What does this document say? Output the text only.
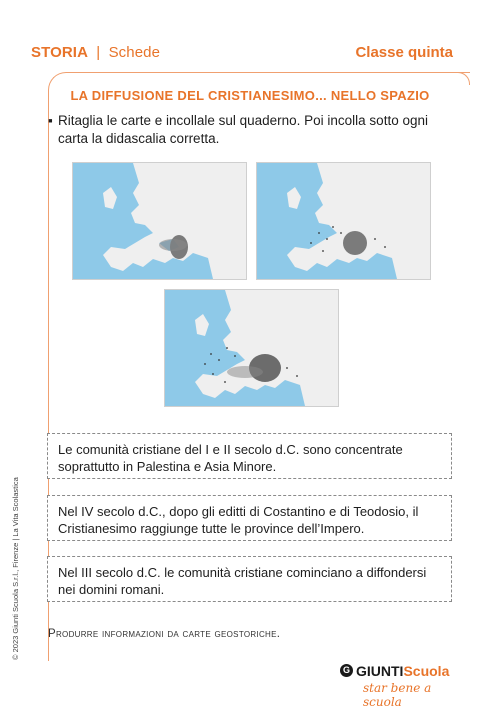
STORIA | Schede	Classe quinta
LA DIFFUSIONE DEL CRISTIANESIMO... NELLO SPAZIO
▪ Ritaglia le carte e incollale sul quaderno. Poi incolla sotto ogni carta la didascalia corretta.
Le comunità cristiane del I e II secolo d.C. sono concentrate soprattutto in Palestina e Asia Minore.
Nel IV secolo d.C., dopo gli editti di Costantino e di Teodosio, il Cristianesimo raggiunge tutte le province dell’Impero.
Nel III secolo d.C. le comunità cristiane cominciano a diffondersi nei domini romani.
Produrre informazioni da carte geostoriche.
© 2023 Giunti Scuola S.r.l., Firenze | La Vita Scolastica
G GIUNTIScuola
star bene a scuola
